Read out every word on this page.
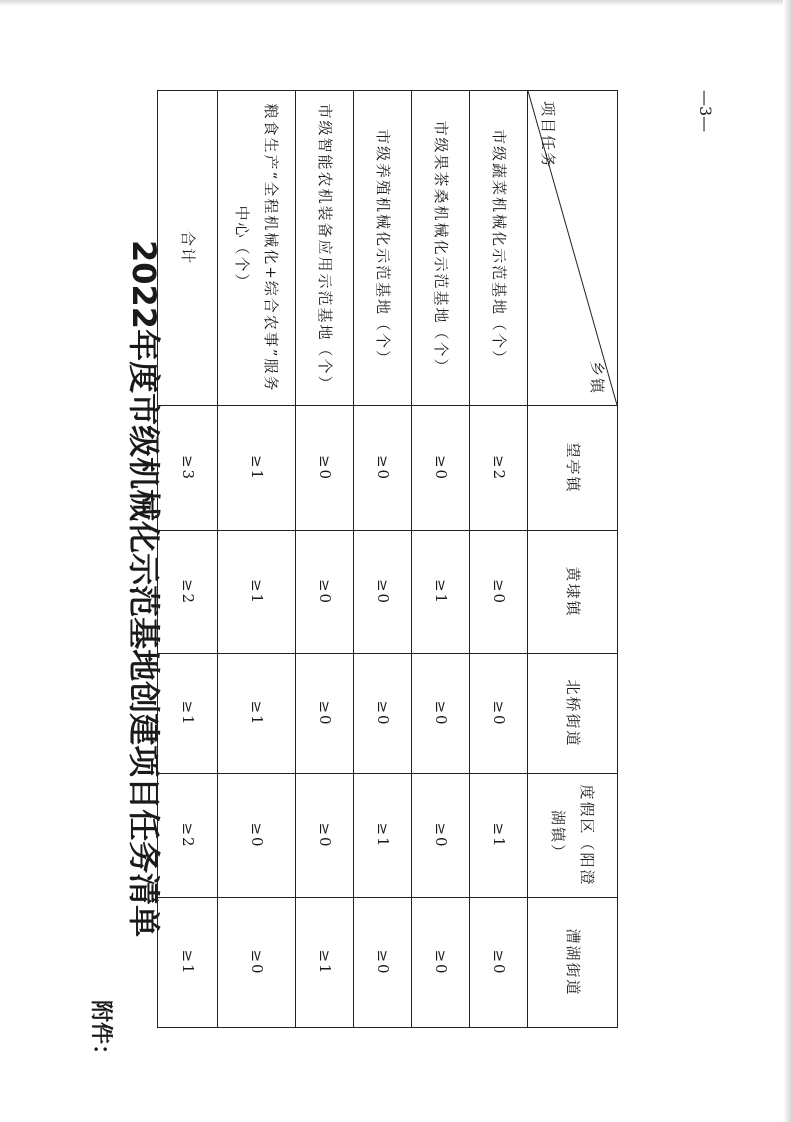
附件：
2022年度市级机械化示范基地创建项目任务清单
—3—
乡镇
项目任务	望亭镇	黄埭镇	北桥街道	度假区（阳澄湖镇）	漕湖街道
市级蔬菜机械化示范基地（个）	≥2	≥0	≥0	≥1	≥0
市级果茶桑机械化示范基地（个）	≥0	≥1	≥0	≥0	≥0
市级养殖机械化示范基地（个）	≥0	≥0	≥0	≥1	≥0
市级智能农机装备应用示范基地（个）	≥0	≥0	≥0	≥0	≥1
粮食生产“全程机械化+综合农事”服务中心（个）	≥1	≥1	≥1	≥0	≥0
合计	≥3	≥2	≥1	≥2	≥1
